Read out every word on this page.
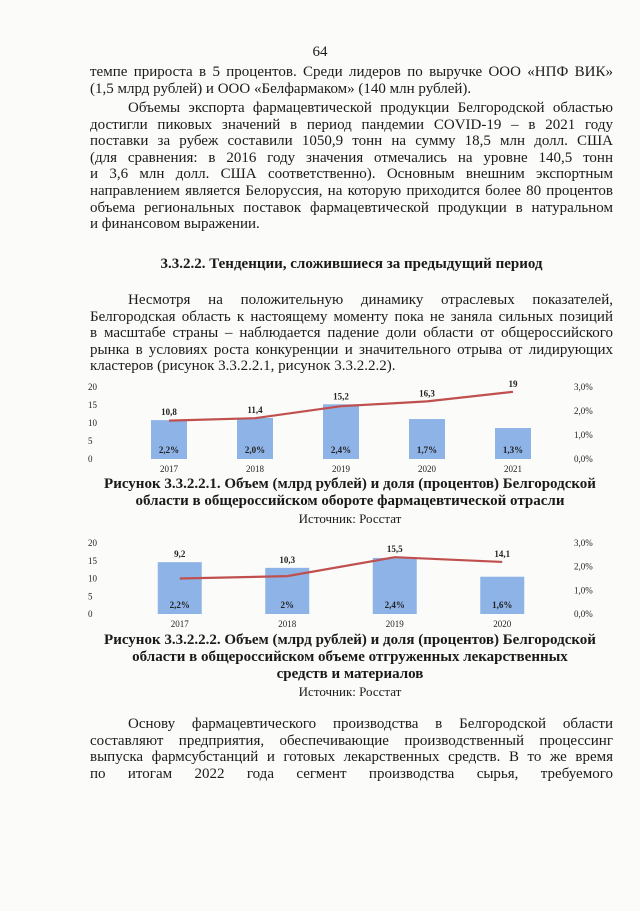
64
темпе прироста в 5 процентов. Среди лидеров по выручке ООО «НПФ ВИК»
(1,5 млрд рублей) и ООО «Белфармаком» (140 млн рублей).
Объемы экспорта фармацевтической продукции Белгородской областью
достигли пиковых значений в период пандемии COVID-19 – в 2021 году
поставки за рубеж составили 1050,9 тонн на сумму 18,5 млн долл. США
(для сравнения: в 2016 году значения отмечались на уровне 140,5 тонн
и 3,6 млн долл. США соответственно). Основным внешним экспортным
направлением является Белоруссия, на которую приходится более 80 процентов
объема региональных поставок фармацевтической продукции в натуральном
и финансовом выражении.
3.3.2.2. Тенденции, сложившиеся за предыдущий период
Несмотря на положительную динамику отраслевых показателей,
Белгородская область к настоящему моменту пока не заняла сильных позиций
в масштабе страны – наблюдается падение доли области от общероссийского
рынка в условиях роста конкуренции и значительного отрыва от лидирующих
кластеров (рисунок 3.3.2.2.1, рисунок 3.3.2.2.2).
0
5
10
15
20
0,0%
1,0%
2,0%
3,0%
2,2%	2,0%	2,4%	1,7%	1,3%
10,8	11,4
15,2	16,3
19
2017	2018	2019	2020	2021
Рисунок 3.3.2.2.1. Объем (млрд рублей) и доля (процентов) Белгородской
области в общероссийском обороте фармацевтической отрасли
Источник: Росстат
0
5
10
15
20
0,0%
1,0%
2,0%
3,0%
2,2%	2%	2,4%	1,6%
9,2
10,3
15,5	14,1
2017	2018	2019	2020
Рисунок 3.3.2.2.2. Объем (млрд рублей) и доля (процентов) Белгородской
области в общероссийском объеме отгруженных лекарственных
средств и материалов
Источник: Росстат
Основу фармацевтического производства в Белгородской области
составляют предприятия, обеспечивающие производственный процессинг
выпуска фармсубстанций и готовых лекарственных средств. В то же время
по итогам 2022 года сегмент производства сырья, требуемого
